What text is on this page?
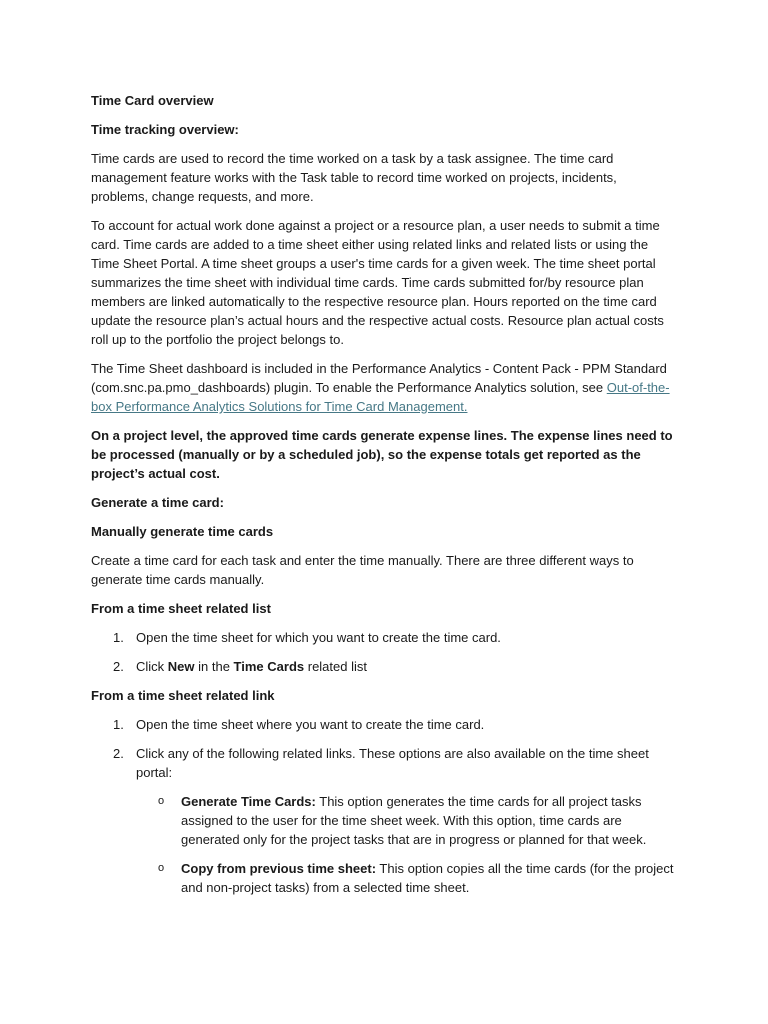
Time Card overview

Time tracking overview:

Time cards are used to record the time worked on a task by a task assignee. The time card management feature works with the Task table to record time worked on projects, incidents, problems, change requests, and more.

To account for actual work done against a project or a resource plan, a user needs to submit a time card. Time cards are added to a time sheet either using related links and related lists or using the Time Sheet Portal. A time sheet groups a user's time cards for a given week. The time sheet portal summarizes the time sheet with individual time cards. Time cards submitted for/by resource plan members are linked automatically to the respective resource plan. Hours reported on the time card update the resource plan’s actual hours and the respective actual costs. Resource plan actual costs roll up to the portfolio the project belongs to.

The Time Sheet dashboard is included in the Performance Analytics - Content Pack - PPM Standard (com.snc.pa.pmo_dashboards) plugin. To enable the Performance Analytics solution, see Out-of-the-box Performance Analytics Solutions for Time Card Management.

On a project level, the approved time cards generate expense lines. The expense lines need to be processed (manually or by a scheduled job), so the expense totals get reported as the project’s actual cost.

Generate a time card:

Manually generate time cards

Create a time card for each task and enter the time manually. There are three different ways to generate time cards manually.

From a time sheet related list

1. Open the time sheet for which you want to create the time card.
2. Click New in the Time Cards related list

From a time sheet related link

1. Open the time sheet where you want to create the time card.
2. Click any of the following related links. These options are also available on the time sheet portal:
o Generate Time Cards: This option generates the time cards for all project tasks assigned to the user for the time sheet week. With this option, time cards are generated only for the project tasks that are in progress or planned for that week.
o Copy from previous time sheet: This option copies all the time cards (for the project and non-project tasks) from a selected time sheet.
